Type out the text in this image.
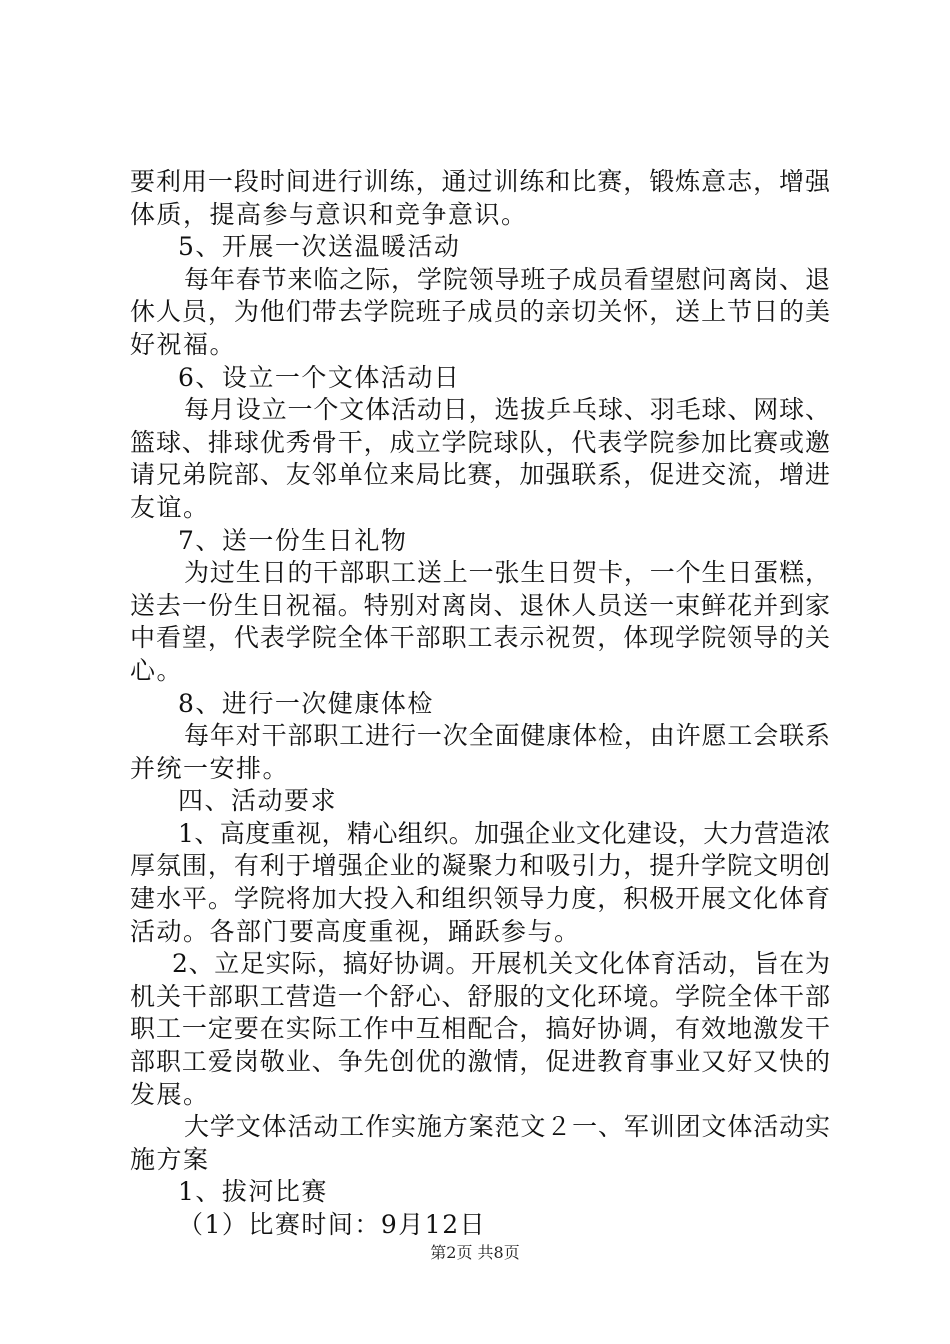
要利用一段时间进行训练，通过训练和比赛，锻炼意志，增强
体质，提高参与意识和竞争意识。
5、开展一次送温暖活动
每年春节来临之际，学院领导班子成员看望慰问离岗、退
休人员，为他们带去学院班子成员的亲切关怀，送上节日的美
好祝福。
6、设立一个文体活动日
每月设立一个文体活动日，选拔乒乓球、羽毛球、网球、
篮球、排球优秀骨干，成立学院球队，代表学院参加比赛或邀
请兄弟院部、友邻单位来局比赛，加强联系，促进交流，增进
友谊。
7、送一份生日礼物
为过生日的干部职工送上一张生日贺卡，一个生日蛋糕，
送去一份生日祝福。特别对离岗、退休人员送一束鲜花并到家
中看望，代表学院全体干部职工表示祝贺，体现学院领导的关
心。
8、进行一次健康体检
每年对干部职工进行一次全面健康体检，由许愿工会联系
并统一安排。
四、活动要求
1、高度重视，精心组织。加强企业文化建设，大力营造浓
厚氛围，有利于增强企业的凝聚力和吸引力，提升学院文明创
建水平。学院将加大投入和组织领导力度，积极开展文化体育
活动。各部门要高度重视，踊跃参与。
2、立足实际，搞好协调。开展机关文化体育活动，旨在为
机关干部职工营造一个舒心、舒服的文化环境。学院全体干部
职工一定要在实际工作中互相配合，搞好协调，有效地激发干
部职工爱岗敬业、争先创优的激情，促进教育事业又好又快的
发展。
大学文体活动工作实施方案范文２一、军训团文体活动实
施方案
1、拔河比赛
（1）比赛时间：9月12日
第2页 共8页
